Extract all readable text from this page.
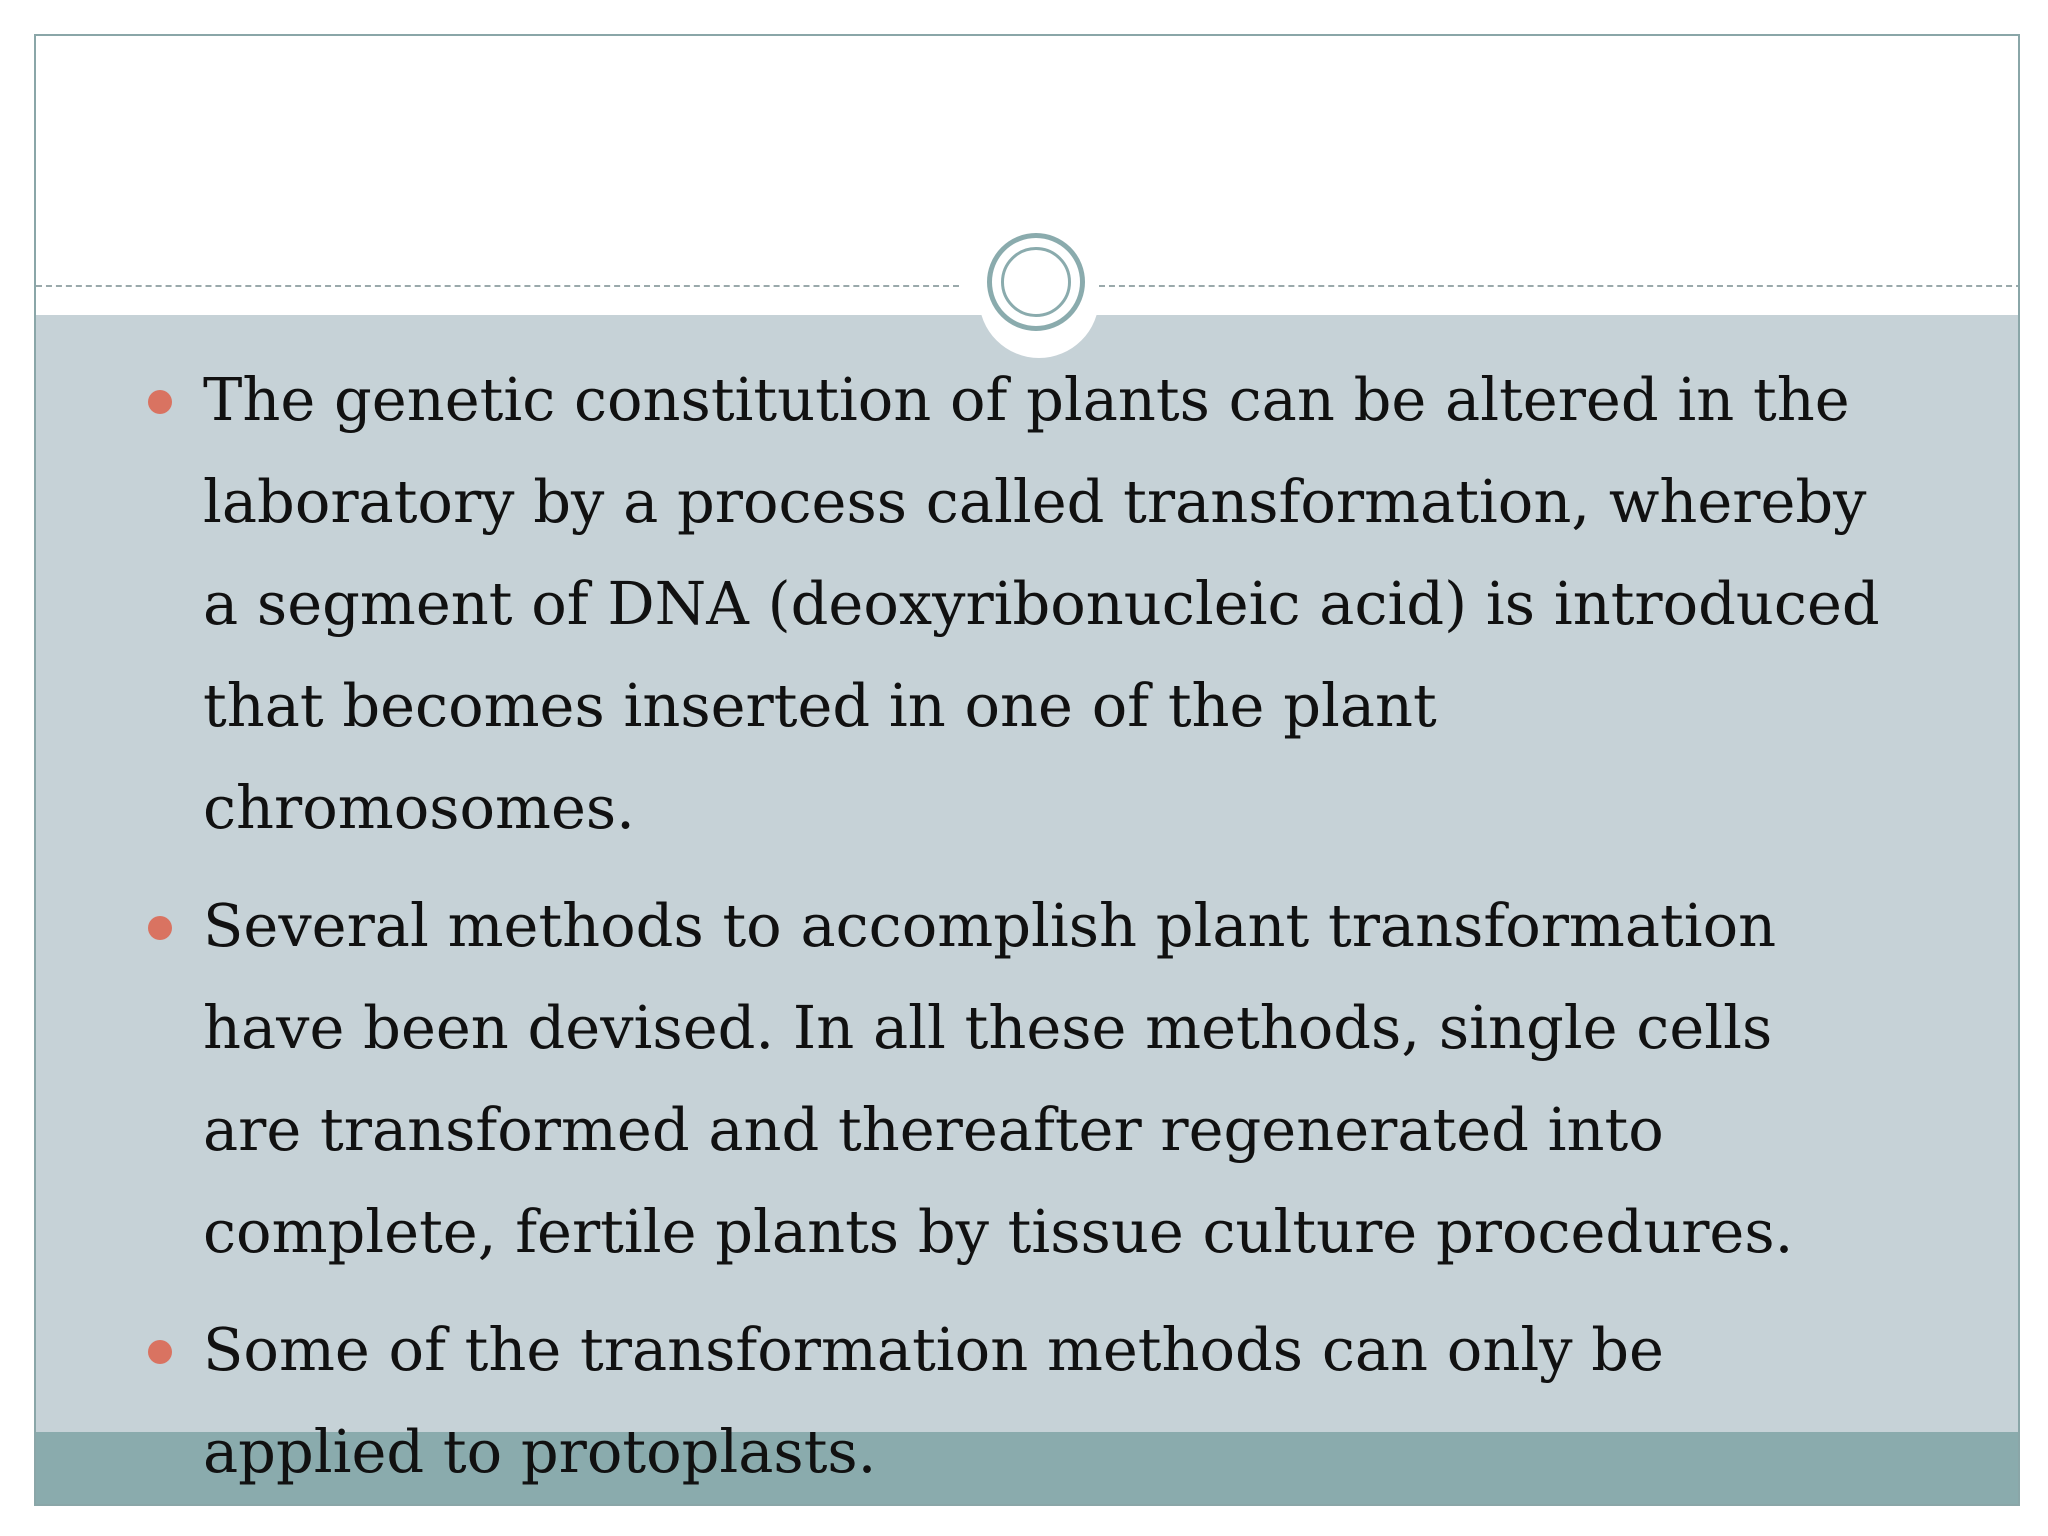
The genetic constitution of plants can be altered in the laboratory by a process called transformation, whereby a segment of DNA (deoxyribonucleic acid) is introduced that becomes inserted in one of the plant chromosomes.
Several methods to accomplish plant transformation have been devised. In all these methods, single cells are transformed and thereafter regenerated into complete, fertile plants by tissue culture procedures.
Some of the transformation methods can only be applied to protoplasts.
